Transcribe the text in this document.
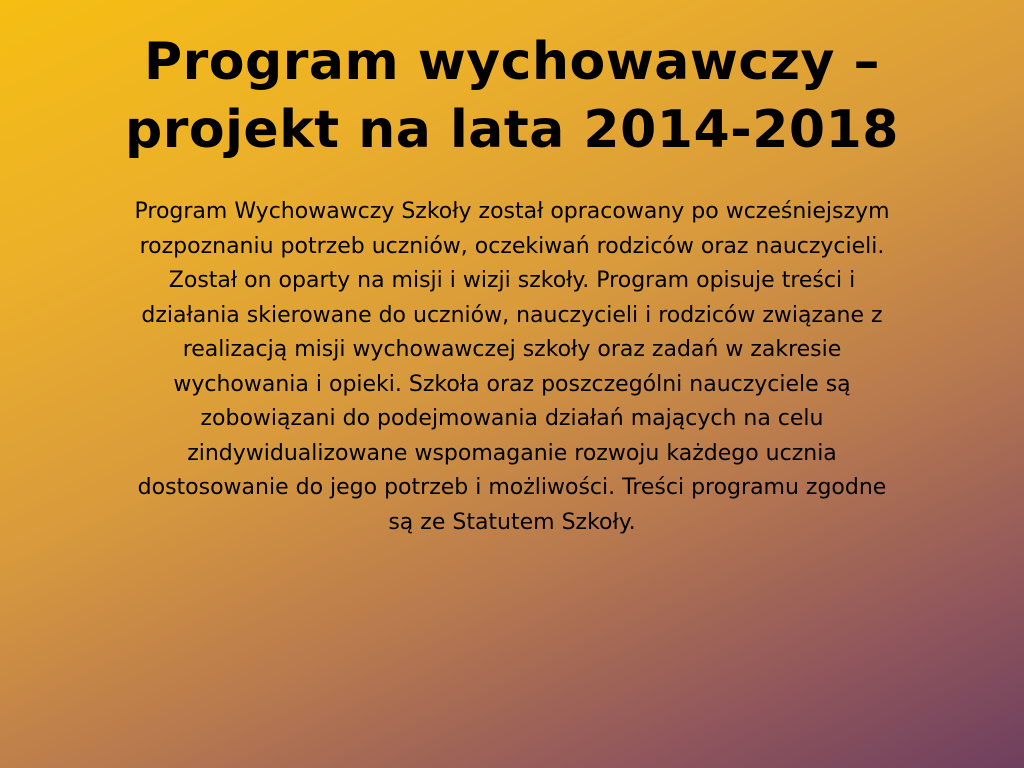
Program wychowawczy –
projekt na lata 2014-2018

Program Wychowawczy Szkoły został opracowany po wcześniejszym
rozpoznaniu potrzeb uczniów, oczekiwań rodziców oraz nauczycieli.
Został on oparty na misji i wizji szkoły. Program opisuje treści i
działania skierowane do uczniów, nauczycieli i rodziców związane z
realizacją misji wychowawczej szkoły oraz zadań w zakresie
wychowania i opieki. Szkoła oraz poszczególni nauczyciele są
zobowiązani do podejmowania działań mających na celu
zindywidualizowane wspomaganie rozwoju każdego ucznia
dostosowanie do jego potrzeb i możliwości. Treści programu zgodne
są ze Statutem Szkoły.
